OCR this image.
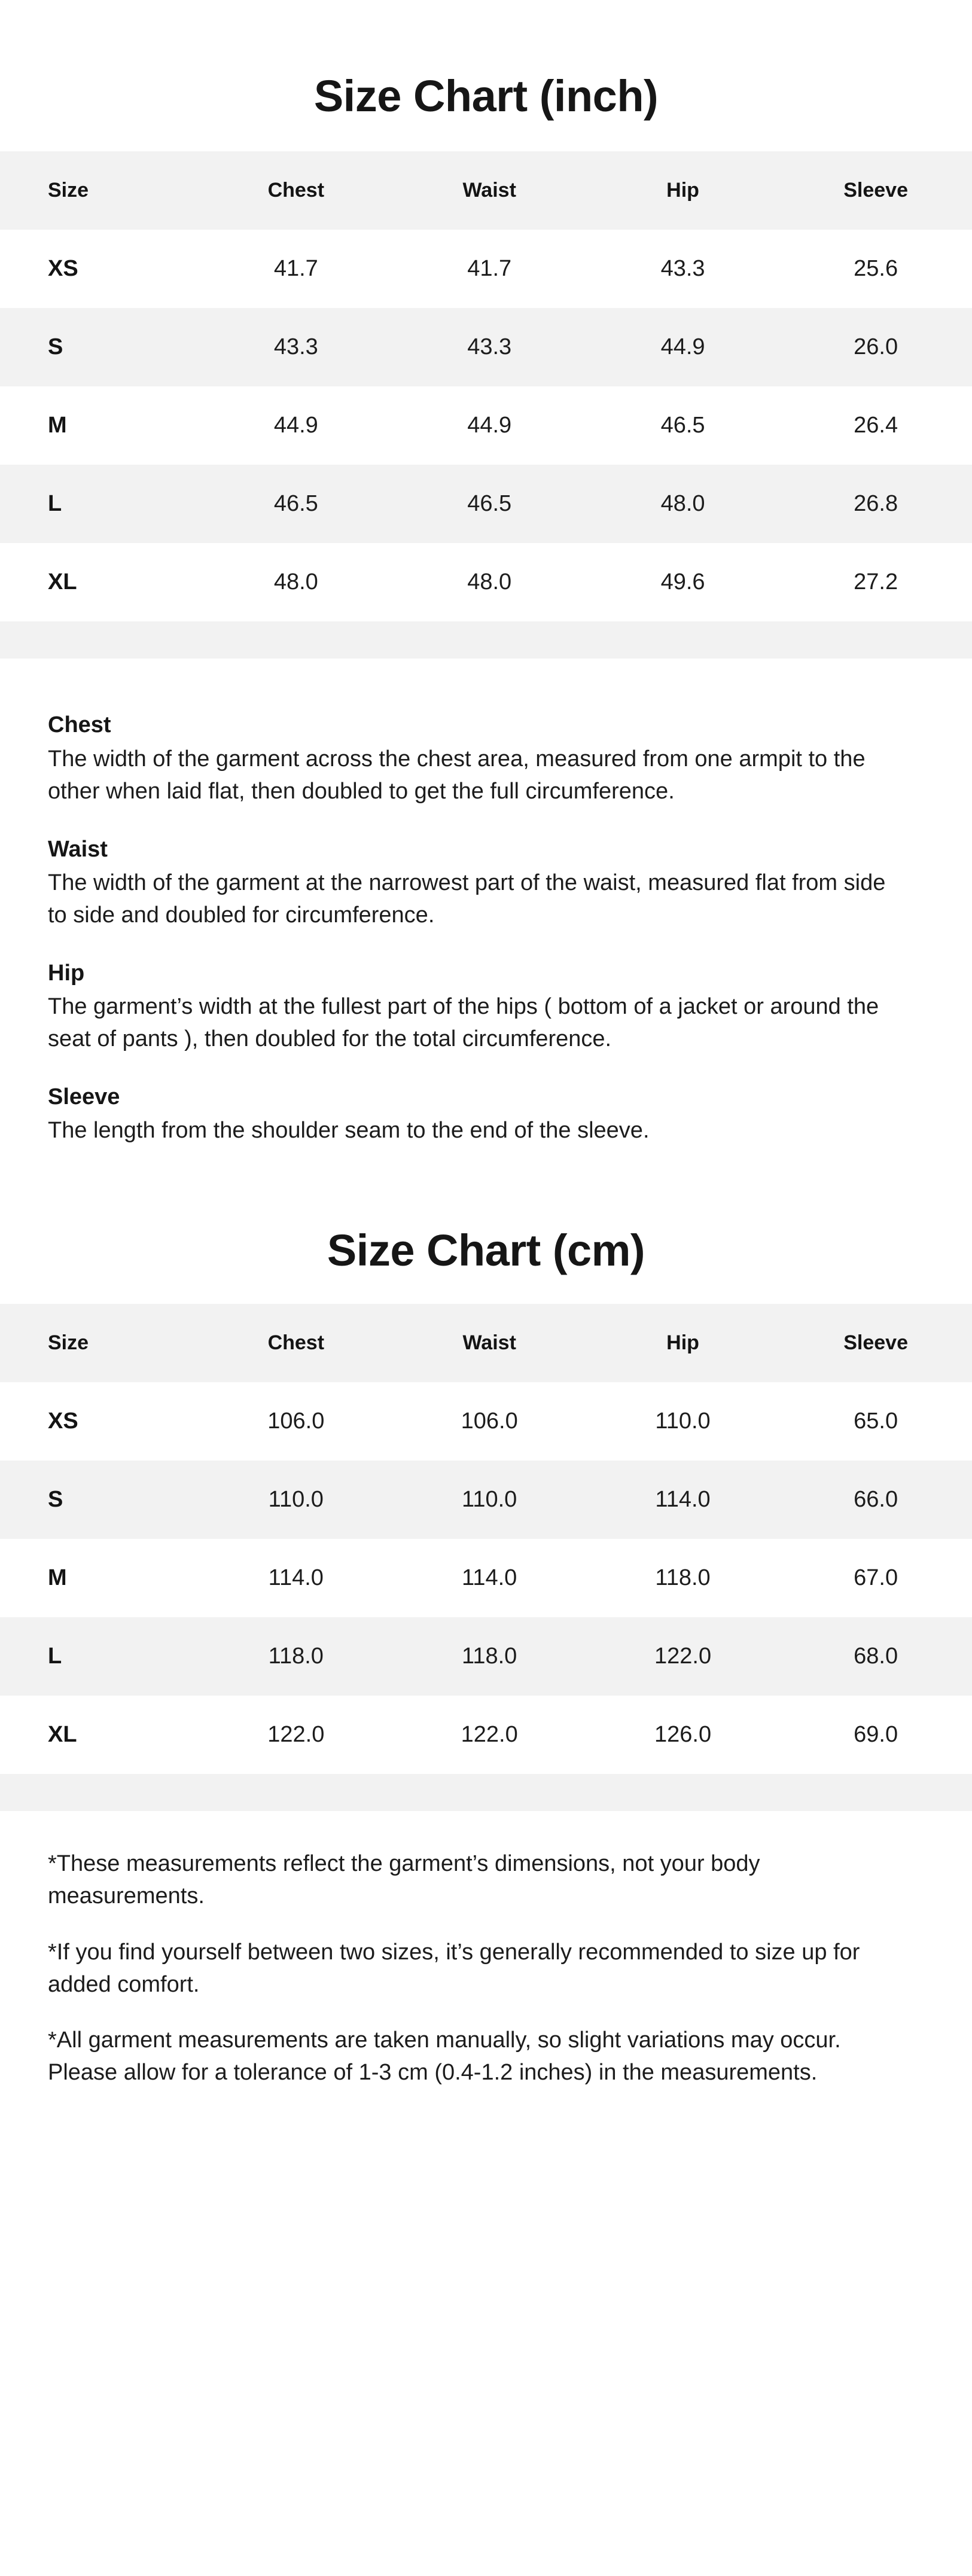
Size Chart (inch)
Size	Chest	Waist	Hip	Sleeve
XS	41.7	41.7	43.3	25.6
S	43.3	43.3	44.9	26.0
M	44.9	44.9	46.5	26.4
L	46.5	46.5	48.0	26.8
XL	48.0	48.0	49.6	27.2

Chest

The width of the garment across the chest area, measured from one armpit to the other when laid flat, then doubled to get the full circumference.

Waist

The width of the garment at the narrowest part of the waist, measured flat from side to side and doubled for circumference.

Hip

The garment’s width at the fullest part of the hips ( bottom of a jacket or around the seat of pants ), then doubled for the total circumference.

Sleeve

The length from the shoulder seam to the end of the sleeve.

Size Chart (cm)
Size	Chest	Waist	Hip	Sleeve
XS	106.0	106.0	110.0	65.0
S	110.0	110.0	114.0	66.0
M	114.0	114.0	118.0	67.0
L	118.0	118.0	122.0	68.0
XL	122.0	122.0	126.0	69.0

*These measurements reflect the garment’s dimensions, not your body measurements.

*If you find yourself between two sizes, it’s generally recommended to size up for added comfort.

*All garment measurements are taken manually, so slight variations may occur. Please allow for a tolerance of 1-3 cm (0.4-1.2 inches) in the measurements.
